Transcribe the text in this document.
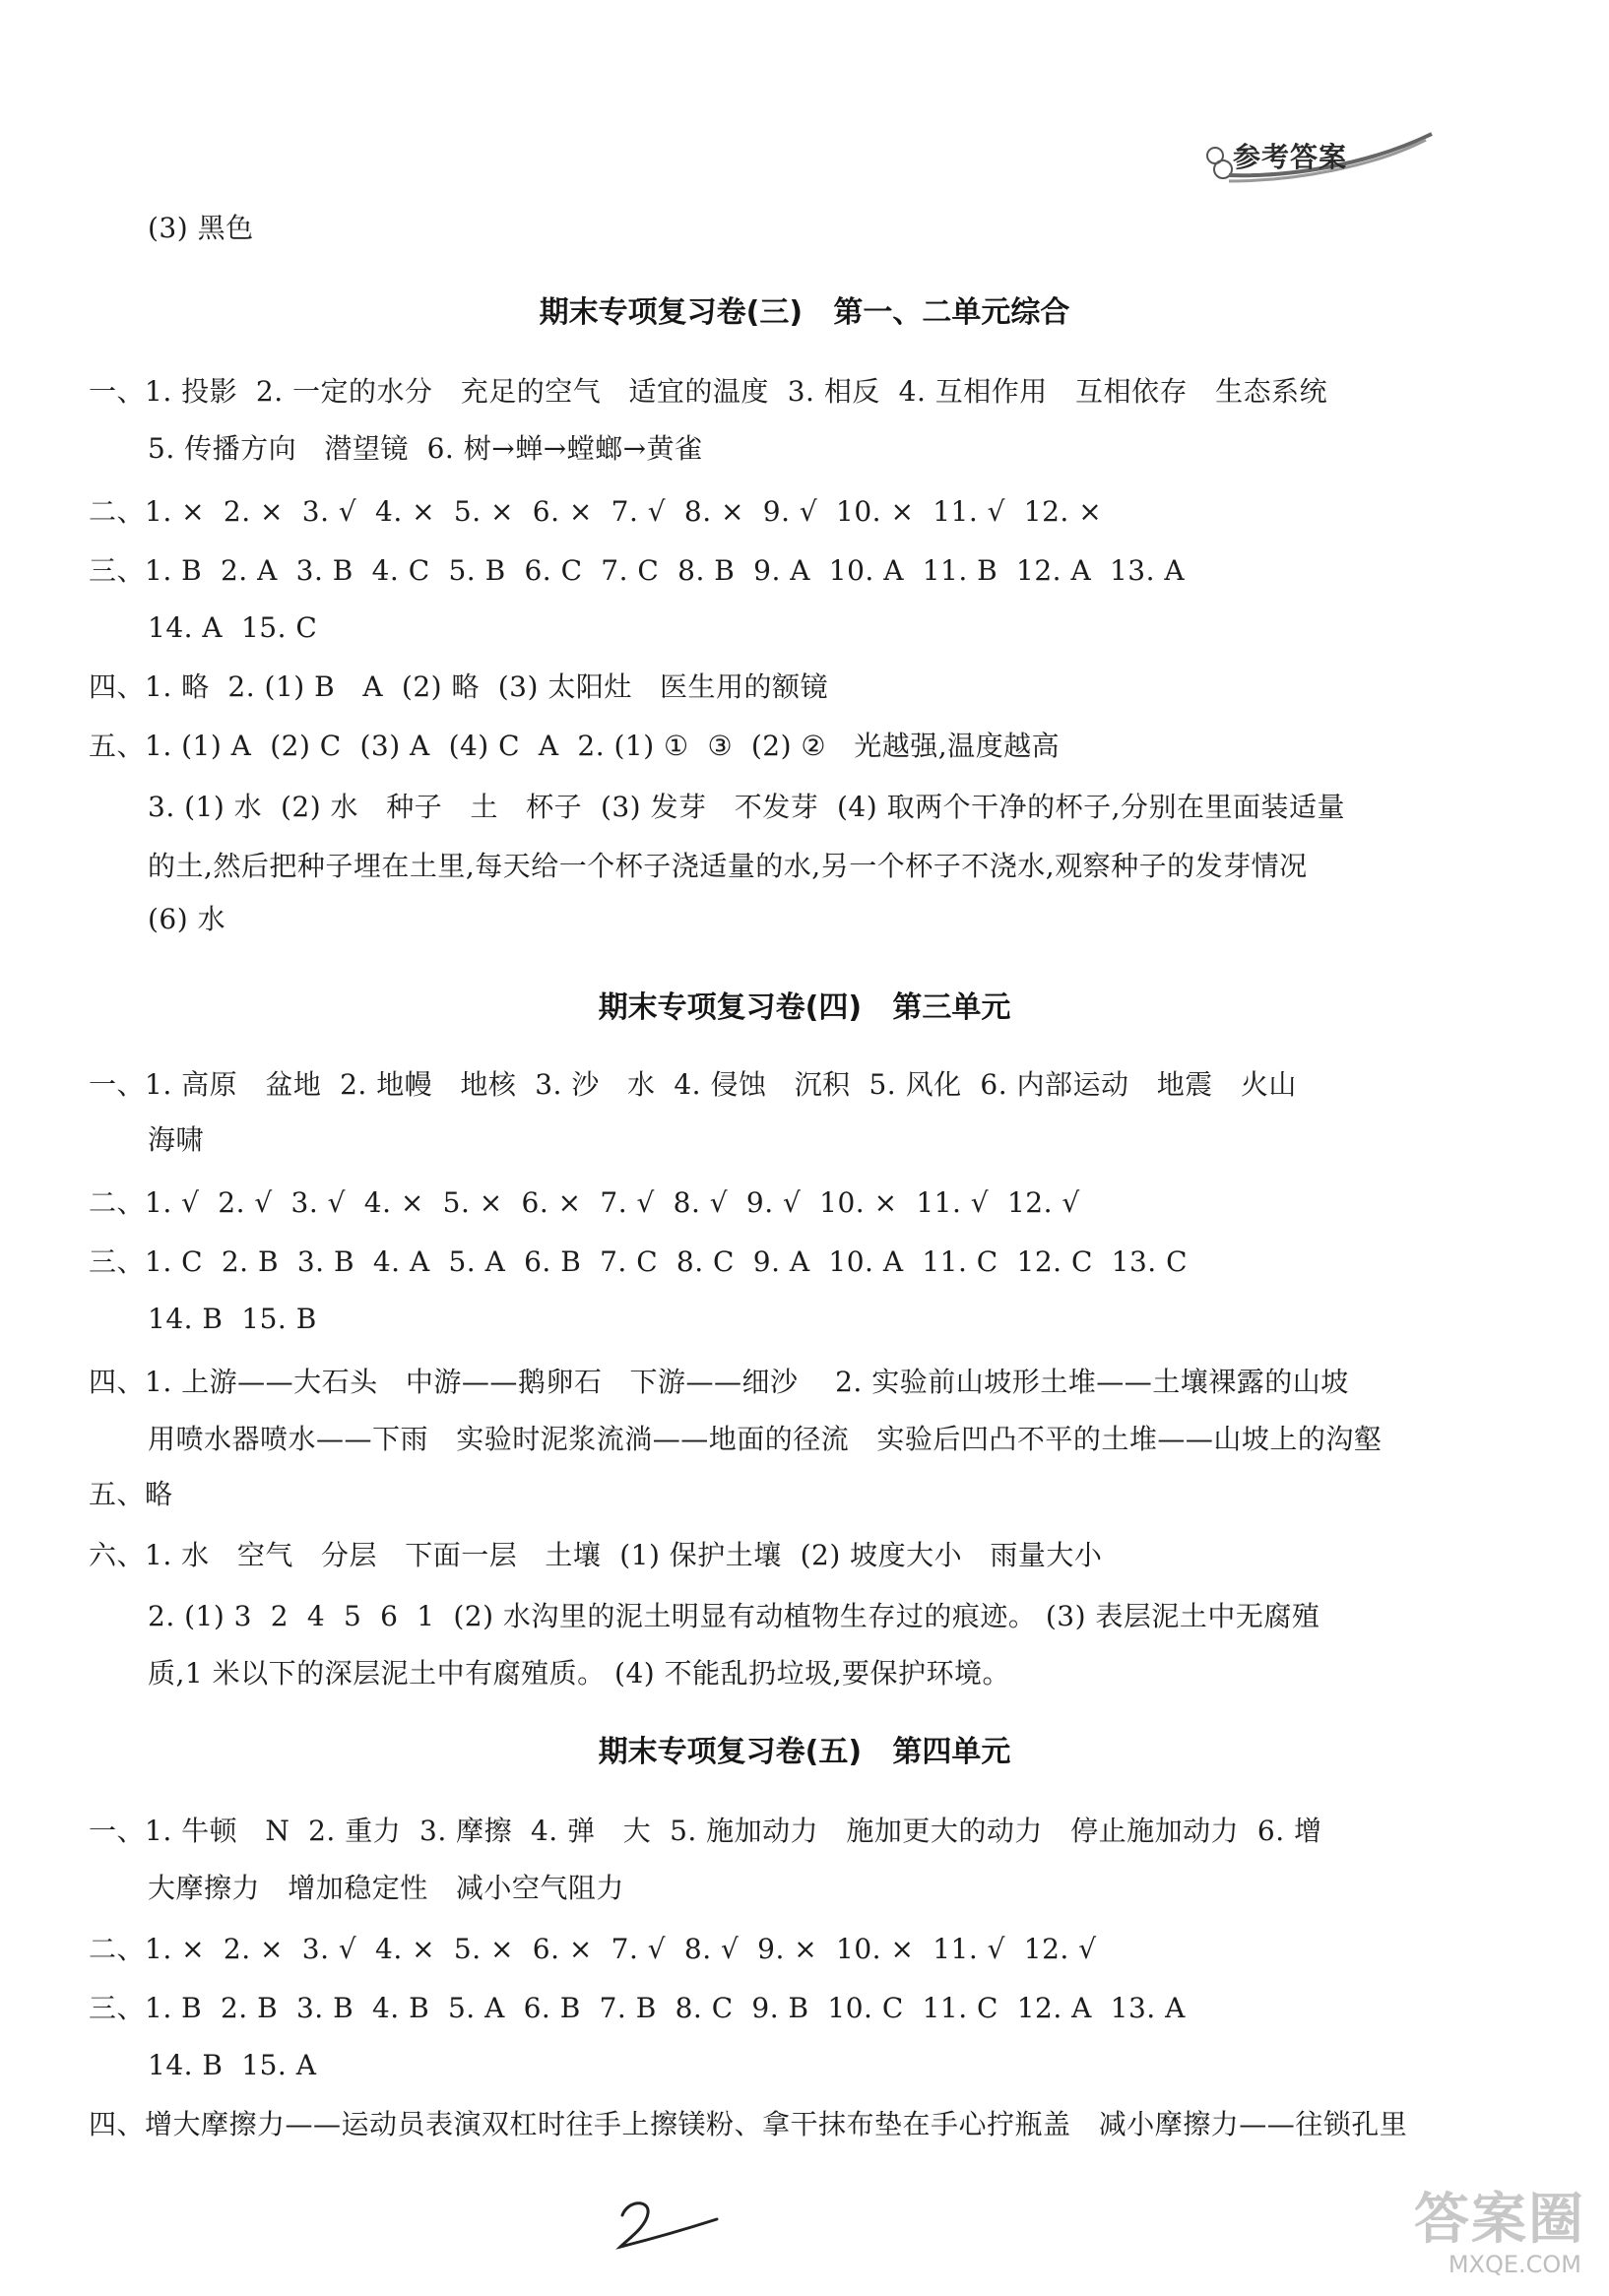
参考答案
(3) 黑色
期末专项复习卷(三)   第一、二单元综合
一、1. 投影  2. 一定的水分   充足的空气   适宜的温度  3. 相反  4. 互相作用   互相依存   生态系统
5. 传播方向   潜望镜  6. 树→蝉→螳螂→黄雀
二、1. ×  2. ×  3. √  4. ×  5. ×  6. ×  7. √  8. ×  9. √  10. ×  11. √  12. ×
三、1. B  2. A  3. B  4. C  5. B  6. C  7. C  8. B  9. A  10. A  11. B  12. A  13. A
14. A  15. C
四、1. 略  2. (1) B   A  (2) 略  (3) 太阳灶   医生用的额镜
五、1. (1) A  (2) C  (3) A  (4) C  A  2. (1) ①  ③  (2) ②   光越强,温度越高
3. (1) 水  (2) 水   种子   土   杯子  (3) 发芽   不发芽  (4) 取两个干净的杯子,分别在里面装适量
的土,然后把种子埋在土里,每天给一个杯子浇适量的水,另一个杯子不浇水,观察种子的发芽情况
(6) 水
期末专项复习卷(四)   第三单元
一、1. 高原   盆地  2. 地幔   地核  3. 沙   水  4. 侵蚀   沉积  5. 风化  6. 内部运动   地震   火山
海啸
二、1. √  2. √  3. √  4. ×  5. ×  6. ×  7. √  8. √  9. √  10. ×  11. √  12. √
三、1. C  2. B  3. B  4. A  5. A  6. B  7. C  8. C  9. A  10. A  11. C  12. C  13. C
14. B  15. B
四、1. 上游——大石头   中游——鹅卵石   下游——细沙    2. 实验前山坡形土堆——土壤裸露的山坡
用喷水器喷水——下雨   实验时泥浆流淌——地面的径流   实验后凹凸不平的土堆——山坡上的沟壑
五、略
六、1. 水   空气   分层   下面一层   土壤  (1) 保护土壤  (2) 坡度大小   雨量大小
2. (1) 3  2  4  5  6  1  (2) 水沟里的泥土明显有动植物生存过的痕迹。 (3) 表层泥土中无腐殖
质,1 米以下的深层泥土中有腐殖质。 (4) 不能乱扔垃圾,要保护环境。
期末专项复习卷(五)   第四单元
一、1. 牛顿   N  2. 重力  3. 摩擦  4. 弹   大  5. 施加动力   施加更大的动力   停止施加动力  6. 增
大摩擦力   增加稳定性   减小空气阻力
二、1. ×  2. ×  3. √  4. ×  5. ×  6. ×  7. √  8. √  9. ×  10. ×  11. √  12. √
三、1. B  2. B  3. B  4. B  5. A  6. B  7. B  8. C  9. B  10. C  11. C  12. A  13. A
14. B  15. A
四、增大摩擦力——运动员表演双杠时往手上擦镁粉、拿干抹布垫在手心拧瓶盖   减小摩擦力——往锁孔里
答案圈
MXQE.COM
